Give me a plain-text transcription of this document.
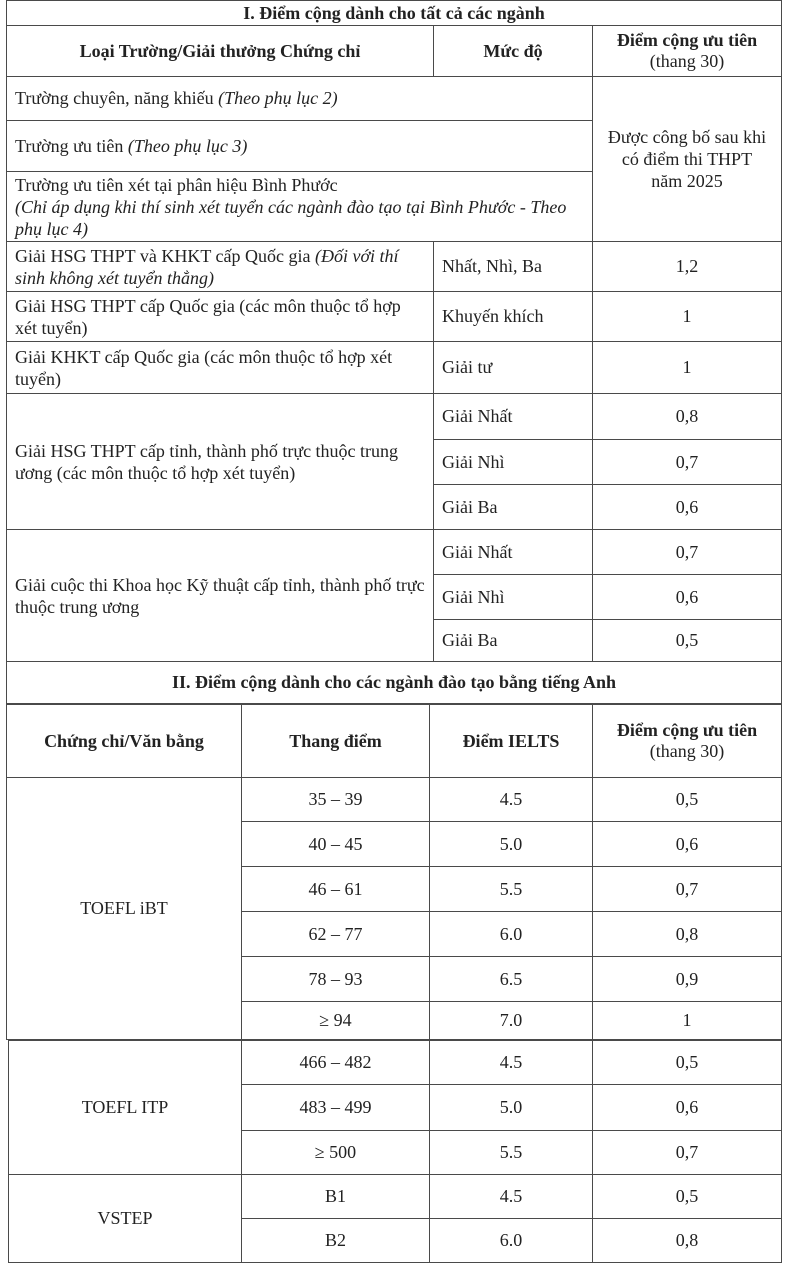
I. Điểm cộng dành cho tất cả các ngành		
Loại Trường/Giải thưởng Chứng chỉ	Mức độ	Điểm cộng ưu tiên
(thang 30)

Trường chuyên, năng khiếu (Theo phụ lục 2)		Được công bố sau khi có điểm thi THPT năm 2025
Trường ưu tiên (Theo phụ lục 3)		

Trường ưu tiên xét tại phân hiệu Bình Phước
(Chỉ áp dụng khi thí sinh xét tuyển các ngành đào tạo tại Bình Phước - Theo phụ lục 4)		

Giải HSG THPT và KHKT cấp Quốc gia (Đối với thí sinh không xét tuyển thẳng)	Nhất, Nhì, Ba	1,2
Giải HSG THPT cấp Quốc gia (các môn thuộc tổ hợp xét tuyển)	Khuyến khích	1
Giải KHKT cấp Quốc gia (các môn thuộc tổ hợp xét tuyển)	Giải tư	1
Giải HSG THPT cấp tỉnh, thành phố trực thuộc trung ương (các môn thuộc tổ hợp xét tuyển)	Giải Nhất	0,8
	Giải Nhì	0,7
	Giải Ba	0,6
Giải cuộc thi Khoa học Kỹ thuật cấp tỉnh, thành phố trực thuộc trung ương	Giải Nhất	0,7
	Giải Nhì	0,6
	Giải Ba	0,5
II. Điểm cộng dành cho các ngành đào tạo bằng tiếng Anh		
Chứng chỉ/Văn bằng	Thang điểm	Điểm IELTS	Điểm cộng ưu tiên
(thang 30)

TOEFL iBT	35 – 39	4.5	0,5
	40 – 45	5.0	0,6
	46 – 61	5.5	0,7
	62 – 77	6.0	0,8
	78 – 93	6.5	0,9
	≥ 94	7.0	1
TOEFL ITP	466 – 482	4.5	0,5
	483 – 499	5.0	0,6
	≥ 500	5.5	0,7
VSTEP	B1	4.5	0,5
	B2	6.0	0,8
